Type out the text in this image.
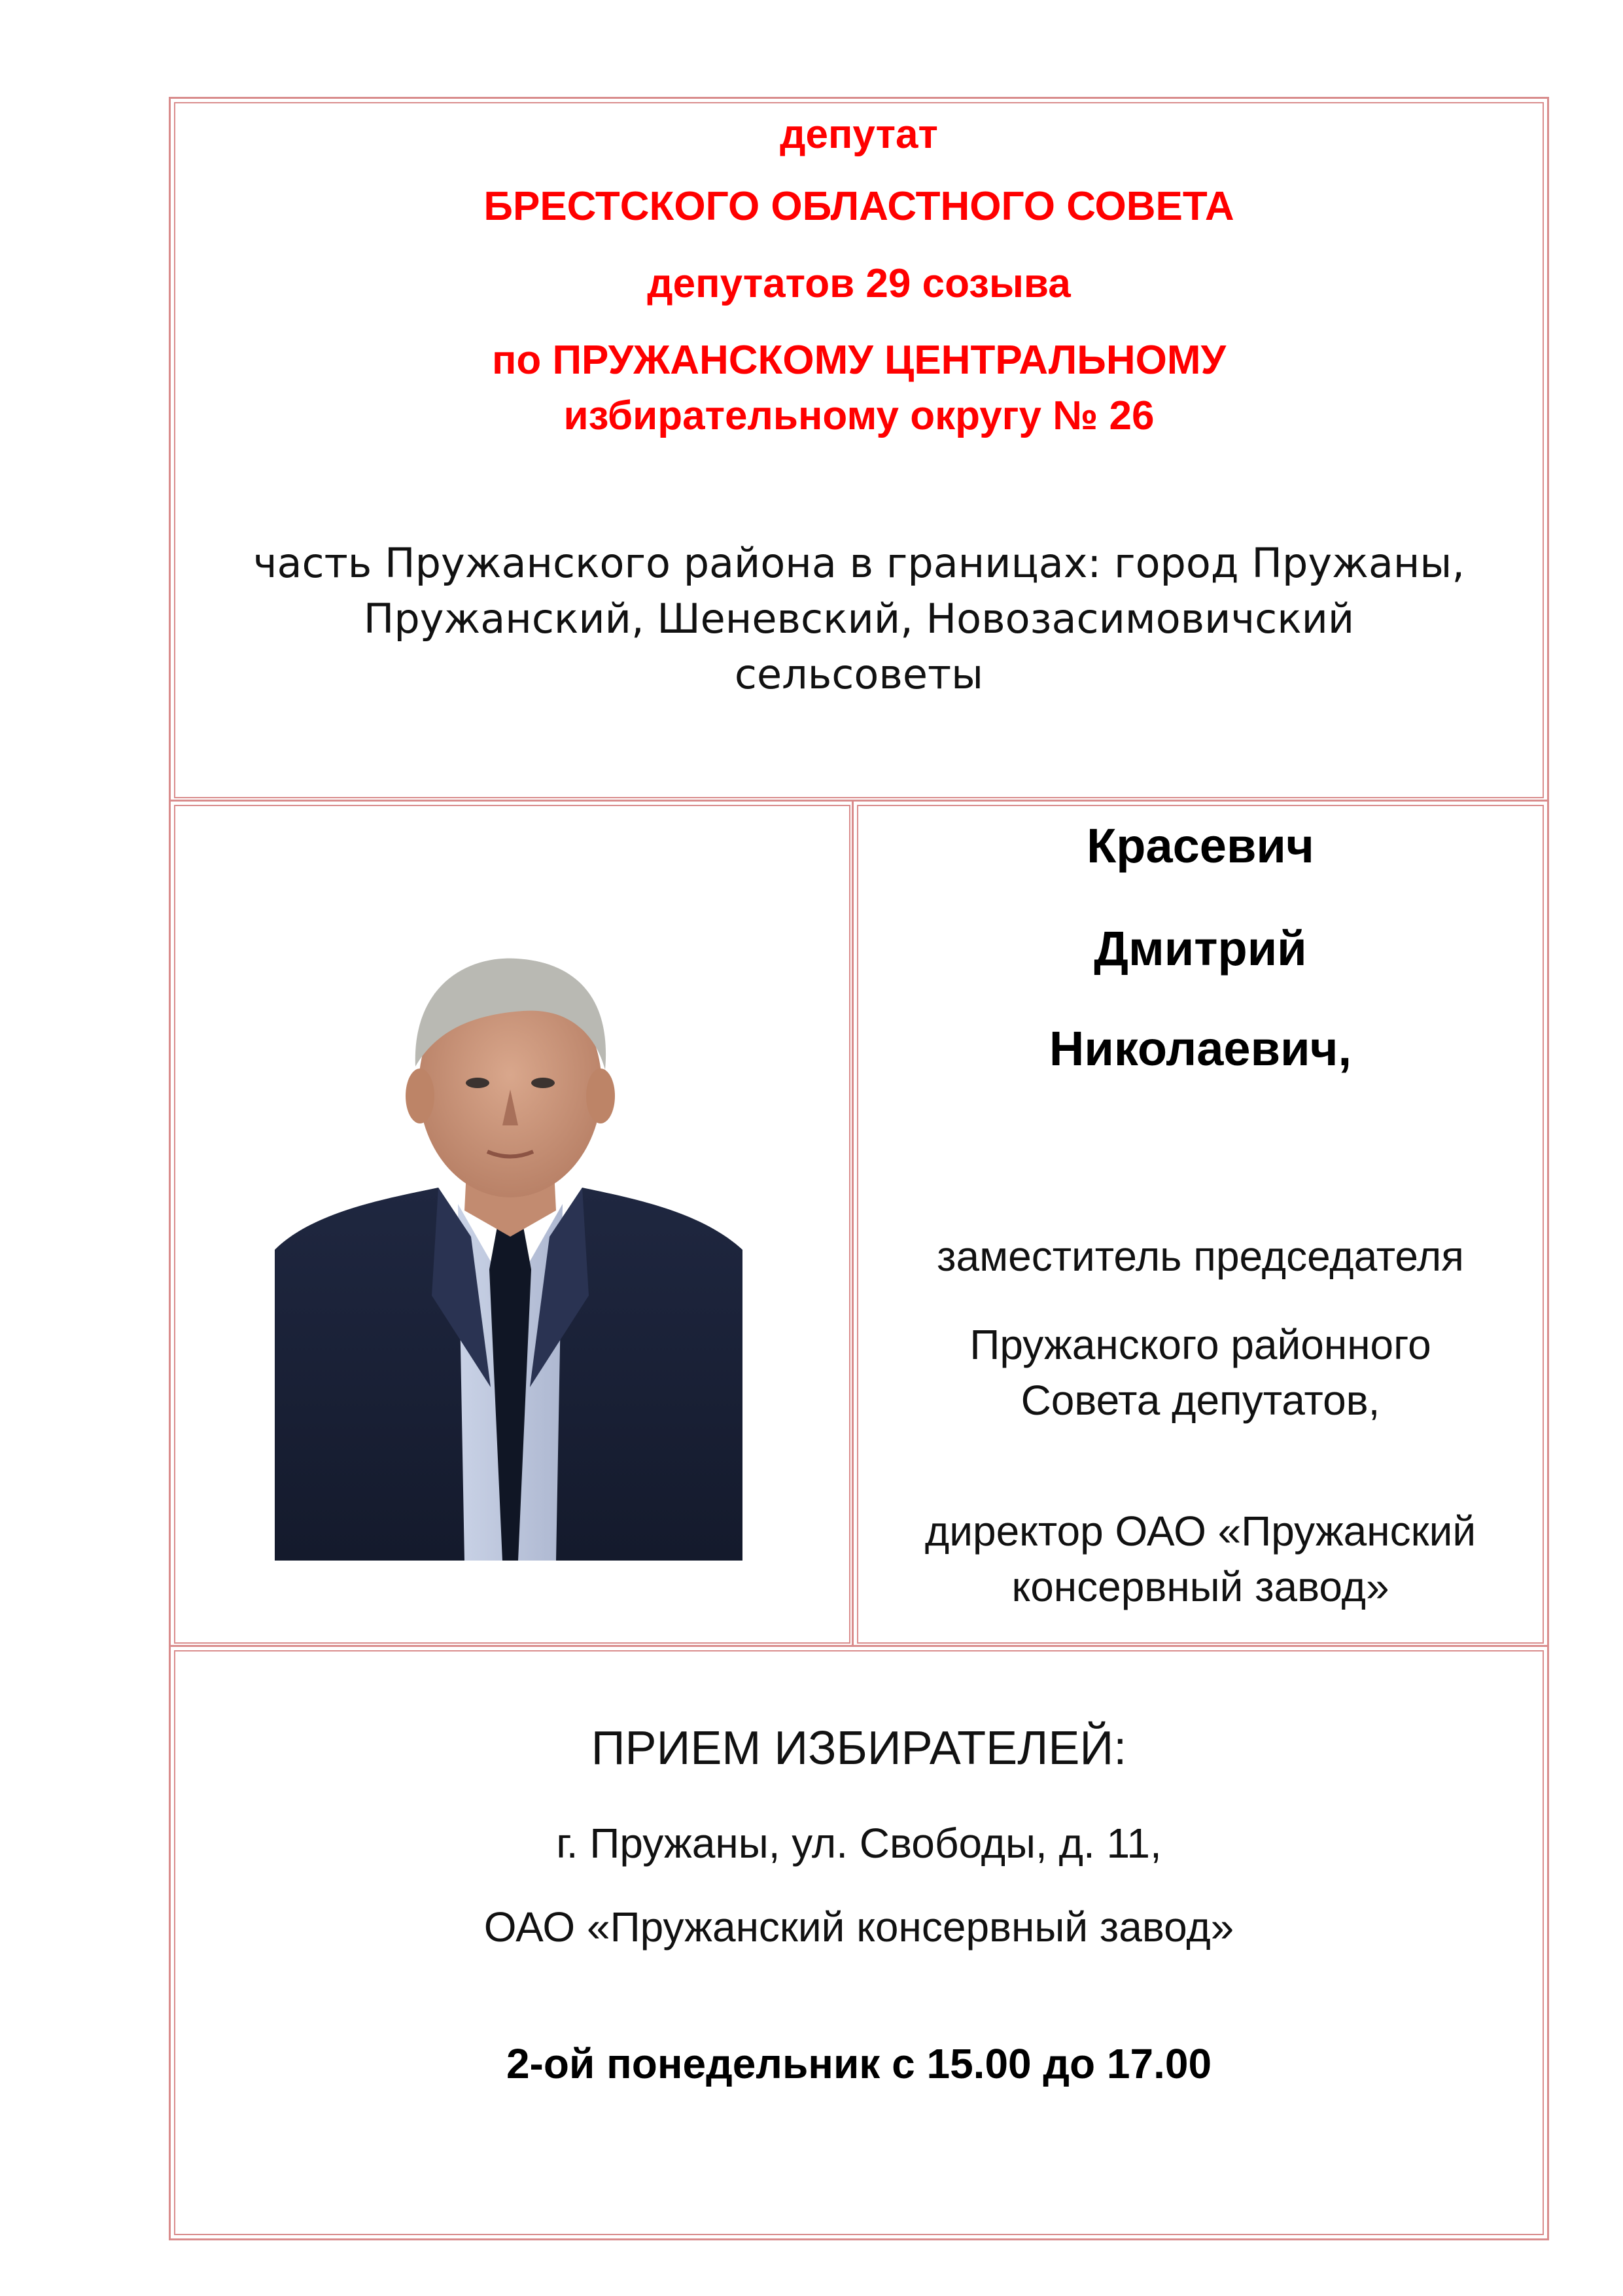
депутат

БРЕСТСКОГО ОБЛАСТНОГО СОВЕТА

депутатов 29 созыва

по ПРУЖАНСКОМУ ЦЕНТРАЛЬНОМУ

избирательному округу № 26

часть Пружанского района в границах: город Пружаны,

Пружанский, Шеневский, Новозасимовичский

сельсоветы

Красевич

Дмитрий

Николаевич,

заместитель председателя

Пружанского районного

Совета депутатов,

директор ОАО «Пружанский

консервный завод»

ПРИЕМ ИЗБИРАТЕЛЕЙ:

г. Пружаны, ул. Свободы, д. 11,

ОАО «Пружанский консервный завод»

2-ой понедельник с 15.00 до 17.00
